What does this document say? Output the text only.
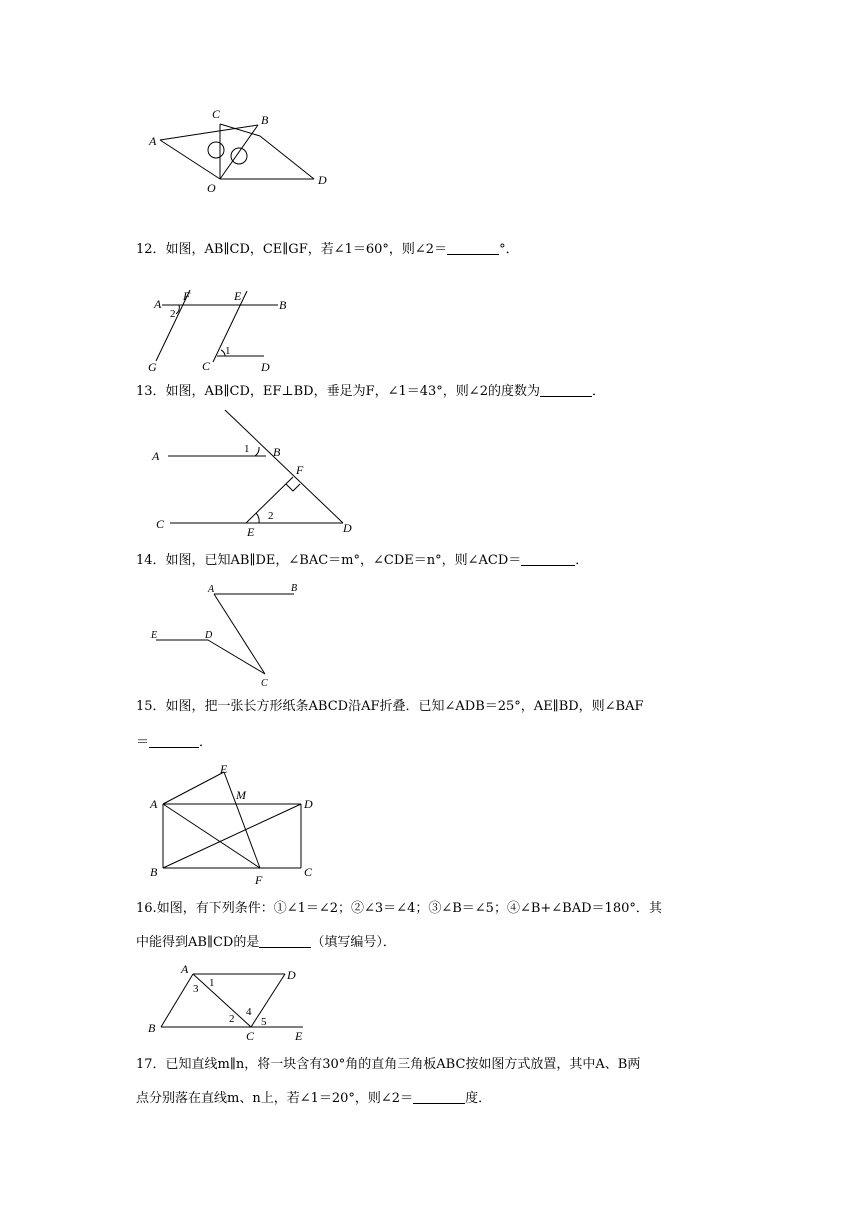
C	B
A
O
D
12．如图，AB∥CD，CE∥GF，若∠1＝60°，则∠2＝	°．
A
F	E
B
2
G	C
1
D
13．如图，AB∥CD，EF⊥BD，垂足为F，∠1＝43°，则∠2的度数为	．
A	1 B
F
2
C
E	D
14．如图，已知AB∥DE，∠BAC＝m°，∠CDE＝n°，则∠ACD＝	．
A	B
E	D
C
15．如图，把一张长方形纸条ABCD沿AF折叠．已知∠ADB＝25°，AE∥BD，则∠BAF
＝	．
E
M
A	D
B
F
C
16.如图，有下列条件：①∠1＝∠2；②∠3＝∠4；③∠B＝∠5；④∠B+∠BAD＝180°．其
中能得到AB∥CD的是	（填写编号）．
A	D
3 1
4
2 5
B
C	E
17．已知直线m∥n，将一块含有30°角的直角三角板ABC按如图方式放置，其中A、B两
点分别落在直线m、n上，若∠1＝20°，则∠2＝	度．
